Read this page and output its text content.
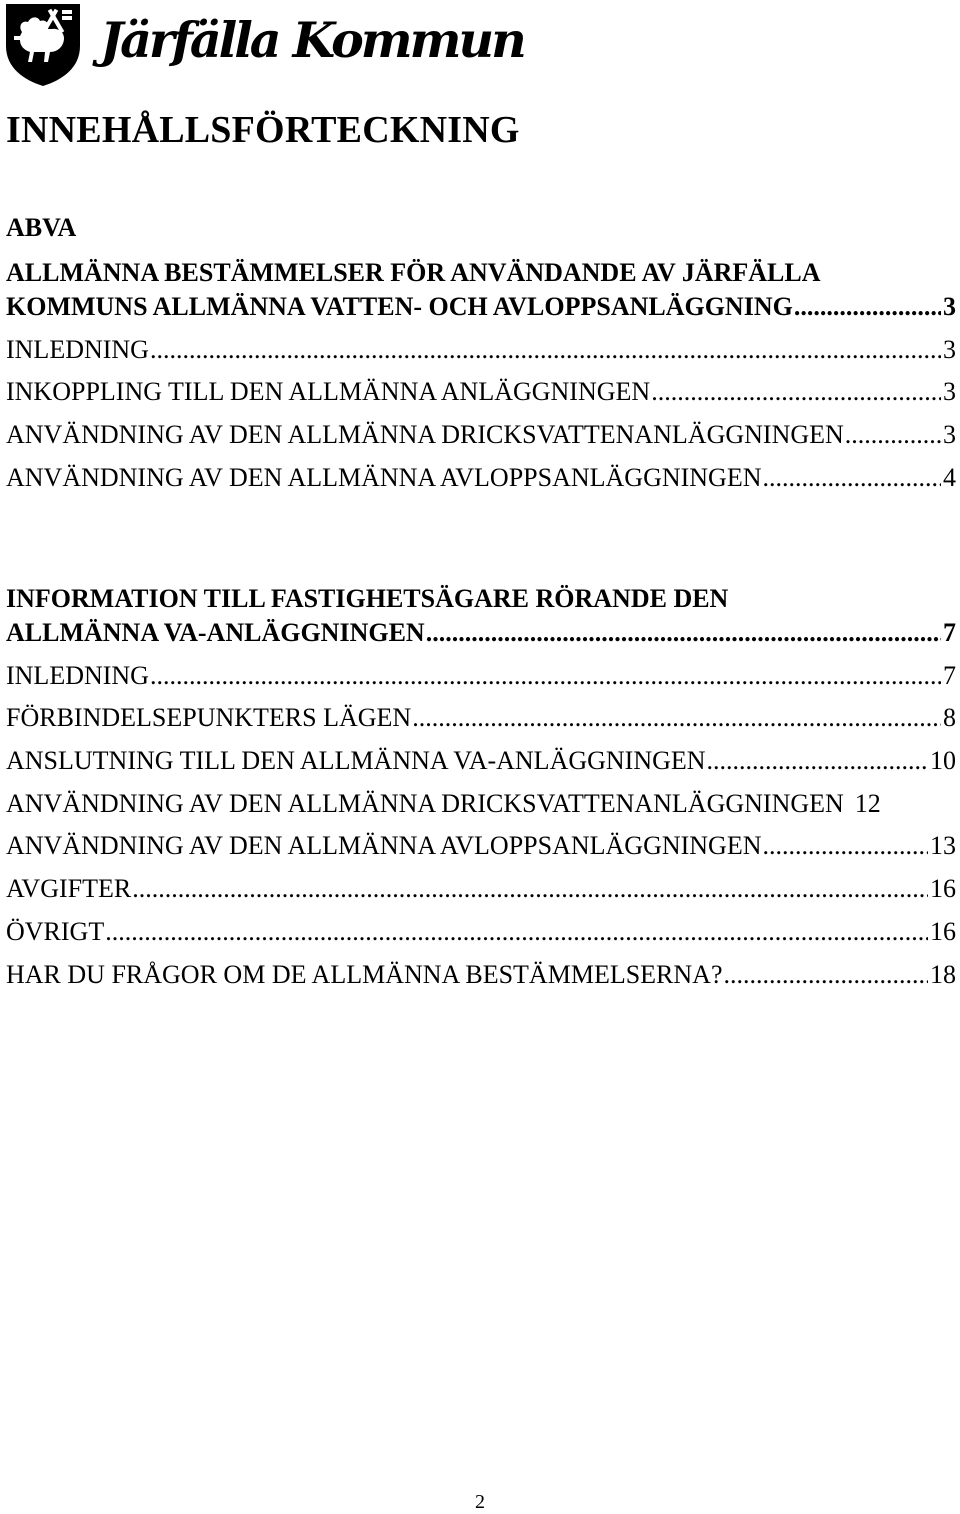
Järfälla Kommun
INNEHÅLLSFÖRTECKNING
ABVA
ALLMÄNNA BESTÄMMELSER FÖR ANVÄNDANDE AV JÄRFÄLLA
KOMMUNS ALLMÄNNA VATTEN- OCH AVLOPPSANLÄGGNING .....	3
INLEDNING .....	3
INKOPPLING TILL DEN ALLMÄNNA ANLÄGGNINGEN .....	3
ANVÄNDNING AV DEN ALLMÄNNA DRICKSVATTENANLÄGGNINGEN .....	3
ANVÄNDNING AV DEN ALLMÄNNA AVLOPPSANLÄGGNINGEN .....	4
INFORMATION TILL FASTIGHETSÄGARE RÖRANDE DEN
ALLMÄNNA VA-ANLÄGGNINGEN .....	7
INLEDNING .....	7
FÖRBINDELSEPUNKTERS LÄGEN .....	8
ANSLUTNING TILL DEN ALLMÄNNA VA-ANLÄGGNINGEN .....	10
ANVÄNDNING AV DEN ALLMÄNNA DRICKSVATTENANLÄGGNINGEN 12
ANVÄNDNING AV DEN ALLMÄNNA AVLOPPSANLÄGGNINGEN .....	13
AVGIFTER .....	16
ÖVRIGT .....	16
HAR DU FRÅGOR OM DE ALLMÄNNA BESTÄMMELSERNA? .....	18
2
